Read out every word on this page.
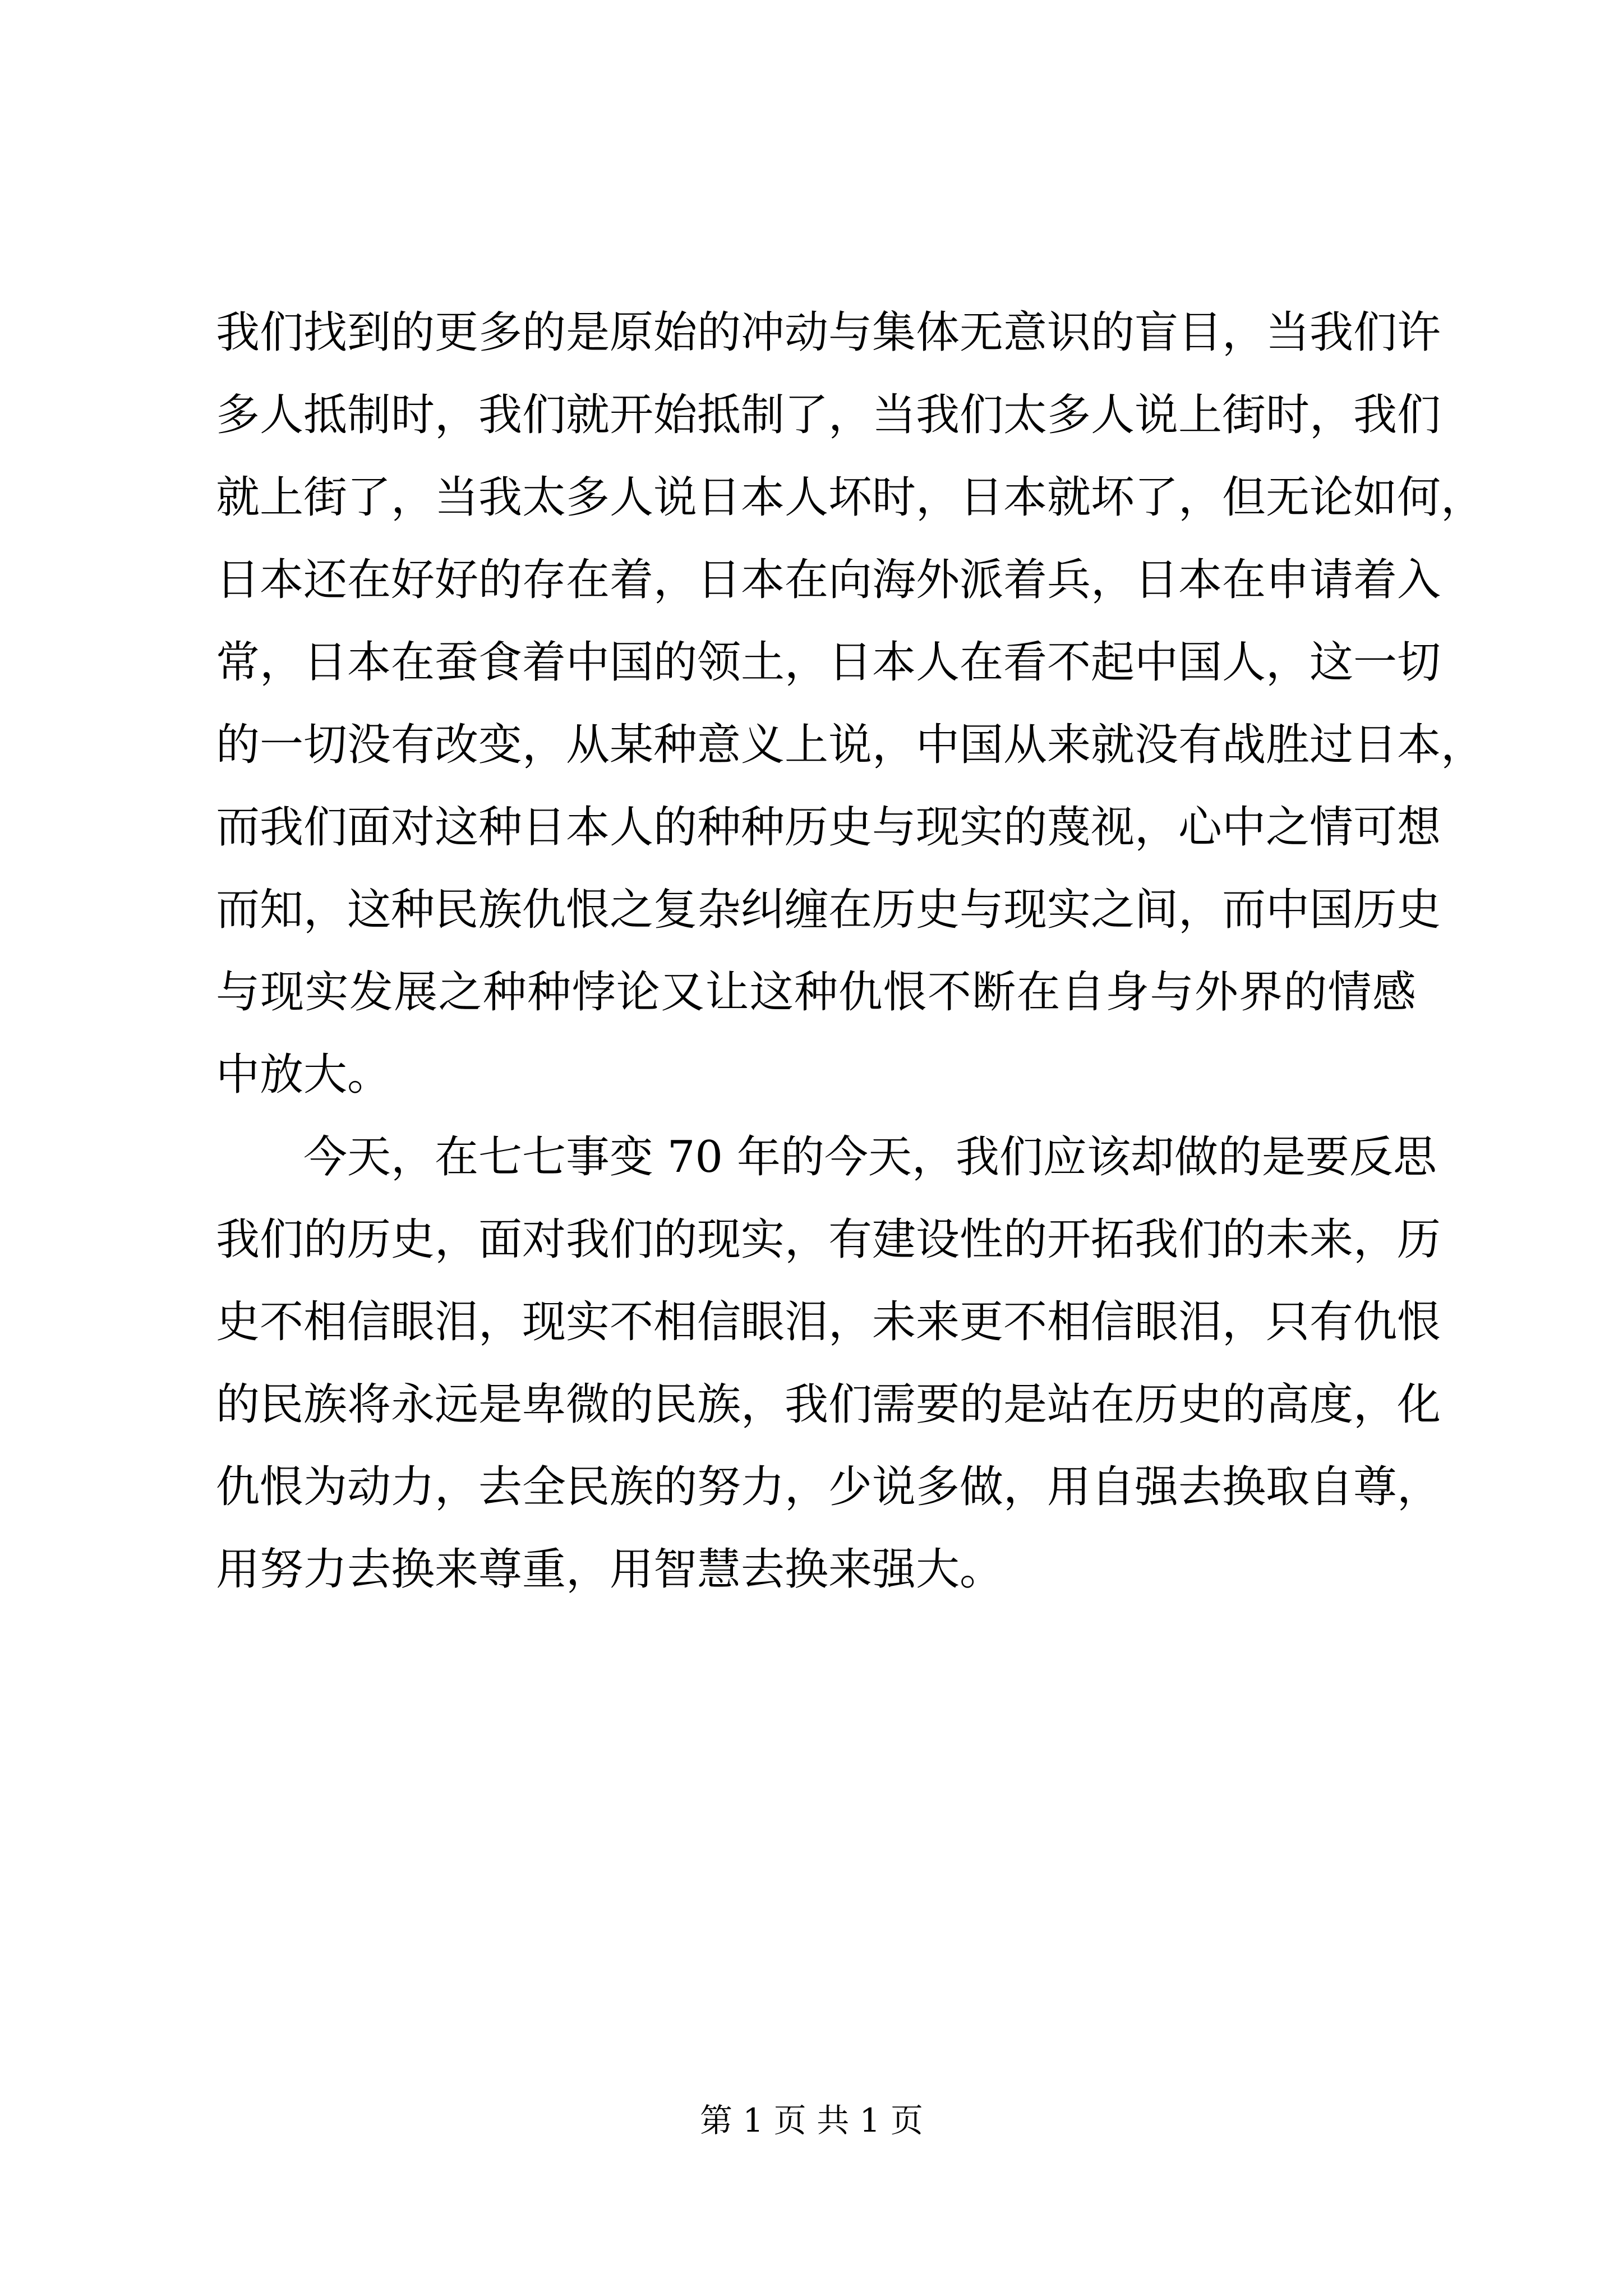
我们找到的更多的是原始的冲动与集体无意识的盲目，当我们许
多人抵制时，我们就开始抵制了，当我们太多人说上街时，我们
就上街了，当我太多人说日本人坏时，日本就坏了，但无论如何，
日本还在好好的存在着，日本在向海外派着兵，日本在申请着入
常，日本在蚕食着中国的领土，日本人在看不起中国人，这一切
的一切没有改变，从某种意义上说，中国从来就没有战胜过日本，
而我们面对这种日本人的种种历史与现实的蔑视，心中之情可想
而知，这种民族仇恨之复杂纠缠在历史与现实之间，而中国历史
与现实发展之种种悖论又让这种仇恨不断在自身与外界的情感
中放大。
　　今天，在七七事变 70 年的今天，我们应该却做的是要反思
我们的历史，面对我们的现实，有建设性的开拓我们的未来，历
史不相信眼泪，现实不相信眼泪，未来更不相信眼泪，只有仇恨
的民族将永远是卑微的民族，我们需要的是站在历史的高度，化
仇恨为动力，去全民族的努力，少说多做，用自强去换取自尊，
用努力去换来尊重，用智慧去换来强大。
第 1 页 共 1 页
